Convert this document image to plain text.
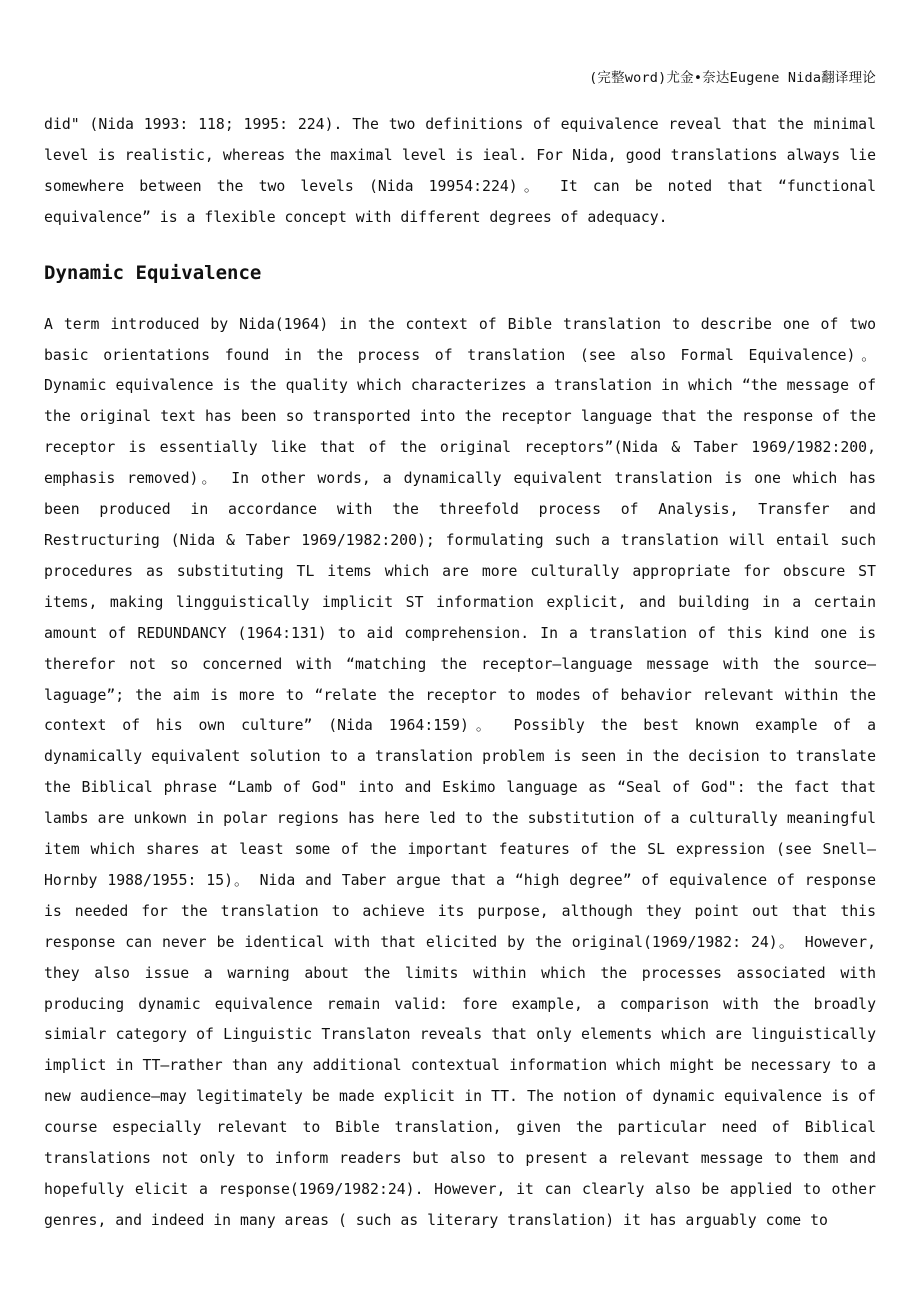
(完整word)尤金•奈达Eugene Nida翻译理论

did" (Nida 1993: 118; 1995: 224). The two definitions of equivalence reveal that the minimal level is realistic, whereas the maximal level is ieal. For Nida, good translations always lie somewhere between the two levels (Nida 19954:224)。 It can be noted that “functional equivalence” is a flexible concept with different degrees of adequacy.

Dynamic Equivalence

A term introduced by Nida(1964) in the context of Bible translation to describe one of two basic orientations found in the process of translation (see also Formal Equivalence)。 Dynamic equivalence is the quality which characterizes a translation in which “the message of the original text has been so transported into the receptor language that the response of the receptor is essentially like that of the original receptors”(Nida & Taber 1969/1982:200, emphasis removed)。 In other words, a dynamically equivalent translation is one which has been produced in accordance with the threefold process of Analysis, Transfer and Restructuring (Nida & Taber 1969/1982:200); formulating such a translation will entail such procedures as substituting TL items which are more culturally appropriate for obscure ST items, making lingguistically implicit ST information explicit, and building in a certain amount of REDUNDANCY (1964:131) to aid comprehension. In a translation of this kind one is therefor not so concerned with “matching the receptor—language message with the source—laguage”; the aim is more to “relate the receptor to modes of behavior relevant within the context of his own culture” (Nida 1964:159)。 Possibly the best known example of a dynamically equivalent solution to a translation problem is seen in the decision to translate the Biblical phrase “Lamb of God" into and Eskimo language as “Seal of God": the fact that lambs are unkown in polar regions has here led to the substitution of a culturally meaningful item which shares at least some of the important features of the SL expression (see Snell—Hornby 1988/1955: 15)。 Nida and Taber argue that a “high degree” of equivalence of response is needed for the translation to achieve its purpose, although they point out that this response can never be identical with that elicited by the original(1969/1982: 24)。 However, they also issue a warning about the limits within which the processes associated with producing dynamic equivalence remain valid: fore example, a comparison with the broadly simialr category of Linguistic Translaton reveals that only elements which are linguistically implict in TT—rather than any additional contextual information which might be necessary to a new audience—may legitimately be made explicit in TT. The notion of dynamic equivalence is of course especially relevant to Bible translation, given the particular need of Biblical translations not only to inform readers but also to present a relevant message to them and hopefully elicit a response(1969/1982:24). However, it can clearly also be applied to other genres, and indeed in many areas ( such as literary translation) it has arguably come to
